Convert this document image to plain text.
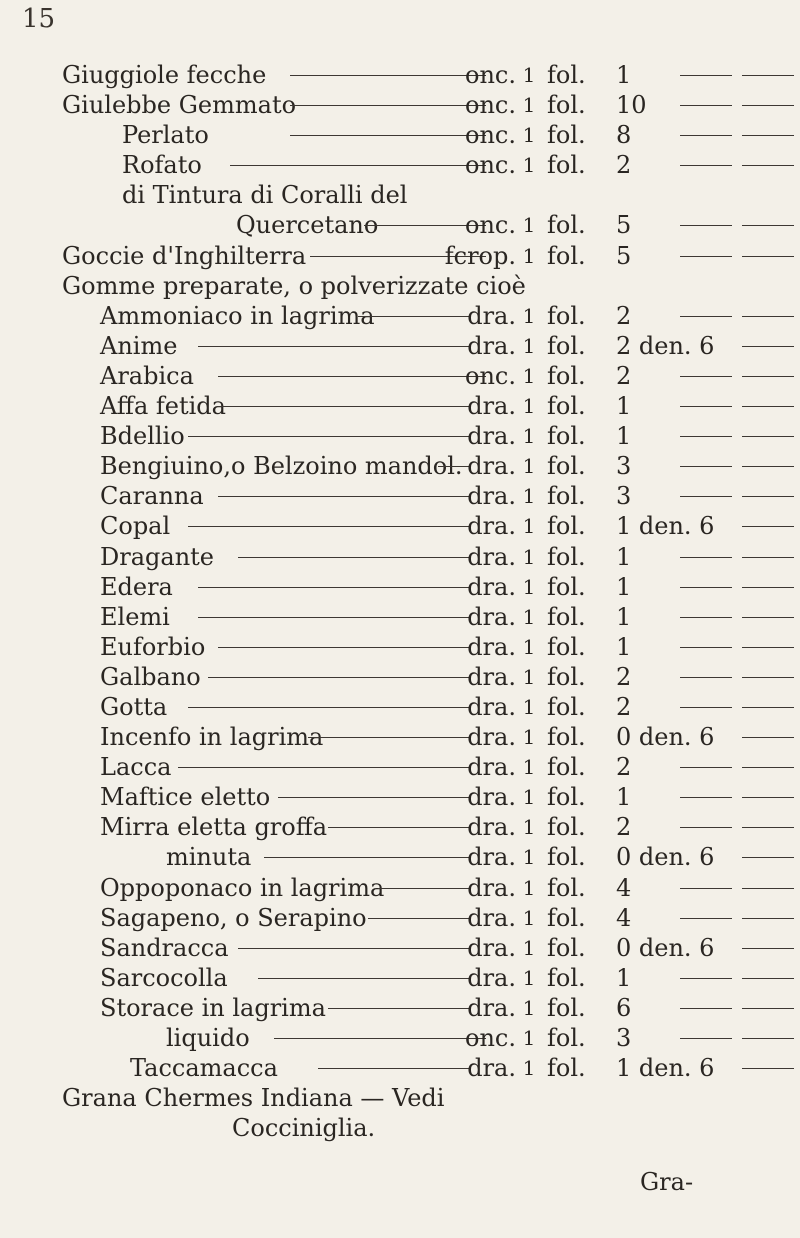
15
Giuggiole fecche	onc. 1 fol. 1
Giulebbe Gemmato	onc. 1 fol. 10
Perlato	onc. 1 fol. 8
Rofato	onc. 1 fol. 2
di Tintura di Coralli del
Quercetano	onc. 1 fol. 5
Goccie d'Inghilterra	fcrop. 1 fol. 5
Gomme preparate, o polverizzate cioè
Ammoniaco in lagrima	dra. 1 fol. 2
Anime	dra. 1 fol. 2 den. 6
Arabica	onc. 1 fol. 2
Affa fetida	dra. 1 fol. 1
Bdellio	dra. 1 fol. 1
Bengiuino,o Belzoino mandol. dra. 1 fol. 3
Caranna	dra. 1 fol. 3
Copal	dra. 1 fol. 1 den. 6
Dragante	dra. 1 fol. 1
Edera	dra. 1 fol. 1
Elemi	dra. 1 fol. 1
Euforbio	dra. 1 fol. 1
Galbano	dra. 1 fol. 2
Gotta	dra. 1 fol. 2
Incenfo in lagrima	dra. 1 fol. 0 den. 6
Lacca	dra. 1 fol. 2
Maftice eletto	dra. 1 fol. 1
Mirra eletta groffa	dra. 1 fol. 2
minuta	dra. 1 fol. 0 den. 6
Oppoponaco in lagrima	dra. 1 fol. 4
Sagapeno, o Serapino	dra. 1 fol. 4
Sandracca	dra. 1 fol. 0 den. 6
Sarcocolla	dra. 1 fol. 1
Storace in lagrima	dra. 1 fol. 6
liquido	onc. 1 fol. 3
Taccamacca	dra. 1 fol. 1 den. 6
Grana Chermes Indiana — Vedi
Cocciniglia.
Gra-
